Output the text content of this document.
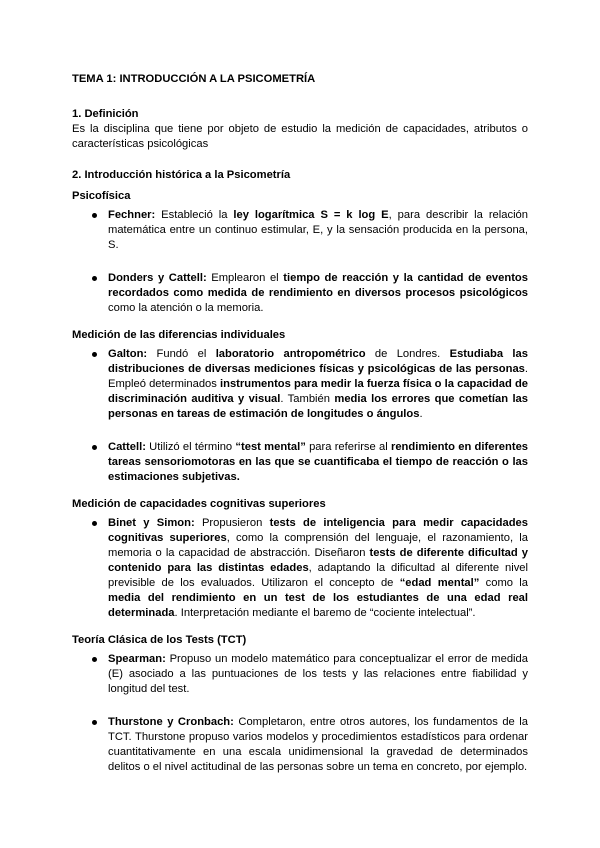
TEMA 1: INTRODUCCIÓN A LA PSICOMETRÍA

1. Definición

Es la disciplina que tiene por objeto de estudio la medición de capacidades, atributos o características psicológicas

2. Introducción histórica a la Psicometría

Psicofísica

Fechner: Estableció la ley logarítmica S = k log E, para describir la relación matemática entre un continuo estimular, E, y la sensación producida en la persona, S.
Donders y Cattell: Emplearon el tiempo de reacción y la cantidad de eventos recordados como medida de rendimiento en diversos procesos psicológicos como la atención o la memoria.

Medición de las diferencias individuales

Galton: Fundó el laboratorio antropométrico de Londres. Estudiaba las distribuciones de diversas mediciones físicas y psicológicas de las personas. Empleó determinados instrumentos para medir la fuerza física o la capacidad de discriminación auditiva y visual. También media los errores que cometían las personas en tareas de estimación de longitudes o ángulos.
Cattell: Utilizó el término “test mental” para referirse al rendimiento en diferentes tareas sensoriomotoras en las que se cuantificaba el tiempo de reacción o las estimaciones subjetivas.

Medición de capacidades cognitivas superiores

Binet y Simon: Propusieron tests de inteligencia para medir capacidades cognitivas superiores, como la comprensión del lenguaje, el razonamiento, la memoria o la capacidad de abstracción. Diseñaron tests de diferente dificultad y contenido para las distintas edades, adaptando la dificultad al diferente nivel previsible de los evaluados. Utilizaron el concepto de “edad mental” como la media del rendimiento en un test de los estudiantes de una edad real determinada. Interpretación mediante el baremo de “cociente intelectual”.

Teoría Clásica de los Tests (TCT)

Spearman: Propuso un modelo matemático para conceptualizar el error de medida (E) asociado a las puntuaciones de los tests y las relaciones entre fiabilidad y longitud del test.
Thurstone y Cronbach: Completaron, entre otros autores, los fundamentos de la TCT. Thurstone propuso varios modelos y procedimientos estadísticos para ordenar cuantitativamente en una escala unidimensional la gravedad de determinados delitos o el nivel actitudinal de las personas sobre un tema en concreto, por ejemplo.
